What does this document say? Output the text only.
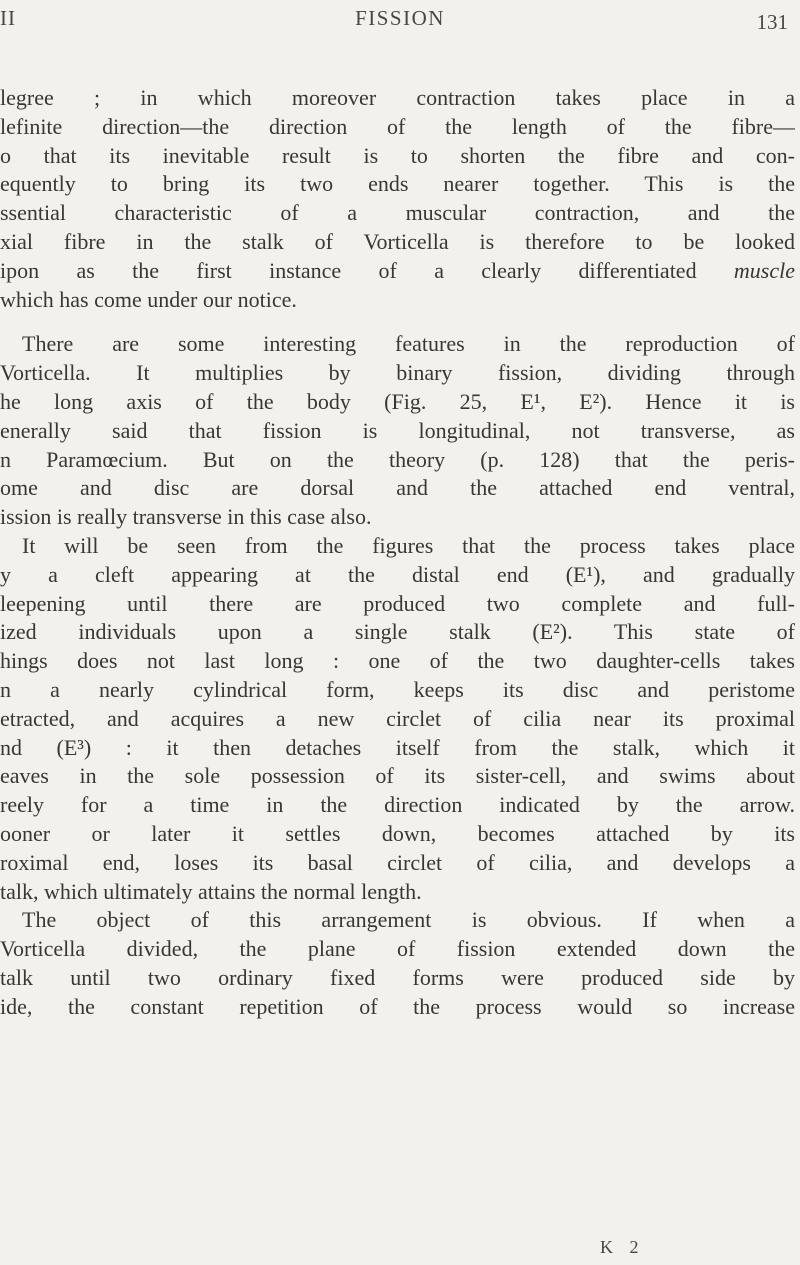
II	FISSION	131
legree ; in which moreover contraction takes place in a
lefinite direction—the direction of the length of the fibre—
o that its inevitable result is to shorten the fibre and con-
equently to bring its two ends nearer together. This is the
ssential characteristic of a muscular contraction, and the
xial fibre in the stalk of Vorticella is therefore to be looked
ipon as the first instance of a clearly differentiated muscle
which has come under our notice.
There are some interesting features in the reproduction of
Vorticella. It multiplies by binary fission, dividing through
he long axis of the body (Fig. 25, E¹, E²). Hence it is
enerally said that fission is longitudinal, not transverse, as
n Paramœcium. But on the theory (p. 128) that the peris-
ome and disc are dorsal and the attached end ventral,
ission is really transverse in this case also.
It will be seen from the figures that the process takes place
y a cleft appearing at the distal end (E¹), and gradually
leepening until there are produced two complete and full-
ized individuals upon a single stalk (E²). This state of
hings does not last long : one of the two daughter-cells takes
n a nearly cylindrical form, keeps its disc and peristome
etracted, and acquires a new circlet of cilia near its proximal
nd (E³) : it then detaches itself from the stalk, which it
eaves in the sole possession of its sister-cell, and swims about
reely for a time in the direction indicated by the arrow.
ooner or later it settles down, becomes attached by its
roximal end, loses its basal circlet of cilia, and develops a
talk, which ultimately attains the normal length.
The object of this arrangement is obvious. If when a
Vorticella divided, the plane of fission extended down the
talk until two ordinary fixed forms were produced side by
ide, the constant repetition of the process would so increase
K 2
